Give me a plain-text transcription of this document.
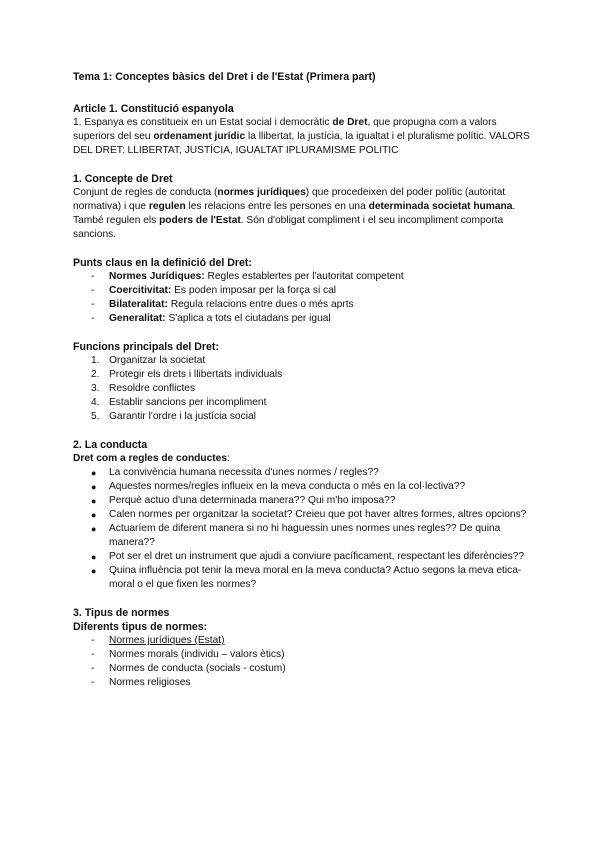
Tema 1: Conceptes bàsics del Dret i de l'Estat (Primera part)

Article 1. Constitució espanyola

1. Espanya es constitueix en un Estat social i democràtic de Dret, que propugna com a valors superiors del seu ordenament jurídic la llibertat, la justícia, la igualtat i el pluralisme polític. VALORS DEL DRET: LLIBERTAT, JUSTÍCIA, IGUALTAT IPLURAMISME POLITIC

1. Concepte de Dret

Conjunt de regles de conducta (normes jurídiques) que procedeixen del poder polític (autoritat normativa) i que regulen les relacions entre les persones en una determinada societat humana. També regulen els poders de l'Estat. Són d'obligat compliment i el seu incompliment comporta sancions.

Punts claus en la definició del Dret:

- Normes Jurídiques: Regles establertes per l'autoritat competent
- Coercitivitat: Es poden imposar per la força si cal
- Bilateralitat: Regula relacions entre dues o més aprts
- Generalitat: S'aplica a tots el ciutadans per igual

Funcions principals del Dret:

1. Organitzar la societat
2. Protegir els drets i llibertats individuals
3. Resoldre conflictes
4. Establir sancions per incompliment
5. Garantir l'ordre i la justícia social

2. La conducta

Dret com a regles de conductes:

● La convivència humana necessita d'unes normes / regles??
● Aquestes normes/regles influeix en la meva conducta o més en la col·lectiva??
● Perquè actuo d'una determinada manera?? Qui m'ho imposa??
● Calen normes per organitzar la societat? Creieu que pot haver altres formes, altres opcions?
● Actuaríem de diferent manera si no hi haguessin unes normes unes regles?? De quina manera??
● Pot ser el dret un instrument que ajudi a conviure pacíficament, respectant les diferències??
● Quina influència pot tenir la meva moral en la meva conducta? Actuo segons la meva etica-moral o el que fixen les normes?

3. Tipus de normes

Diferents tipus de normes:

- Normes jurídiques (Estat)
- Normes morals (individu – valors ètics)
- Normes de conducta (socials - costum)
- Normes religioses
